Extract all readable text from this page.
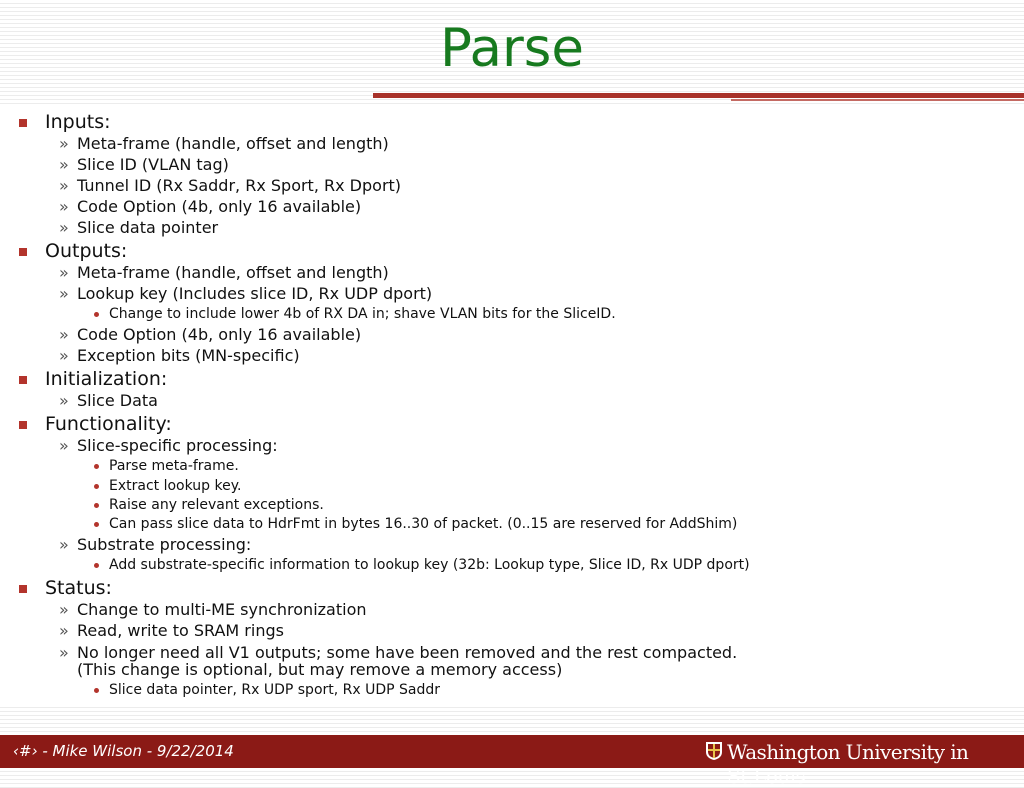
Parse
Inputs:
» Meta-frame (handle, offset and length)
» Slice ID (VLAN tag)
» Tunnel ID (Rx Saddr, Rx Sport, Rx Dport)
» Code Option (4b, only 16 available)
» Slice data pointer
Outputs:
» Meta-frame (handle, offset and length)
» Lookup key (Includes slice ID, Rx UDP dport)
Change to include lower 4b of RX DA in; shave VLAN bits for the SliceID.
» Code Option (4b, only 16 available)
» Exception bits (MN-specific)
Initialization:
» Slice Data
Functionality:
» Slice-specific processing:
Parse meta-frame.
Extract lookup key.
Raise any relevant exceptions.
Can pass slice data to HdrFmt in bytes 16..30 of packet. (0..15 are reserved for AddShim)
» Substrate processing:
Add substrate-specific information to lookup key (32b: Lookup type, Slice ID, Rx UDP dport)
Status:
» Change to multi-ME synchronization
» Read, write to SRAM rings
» No longer need all V1 outputs; some have been removed and the rest compacted.
(This change is optional, but may remove a memory access)
Slice data pointer, Rx UDP sport, Rx UDP Saddr
‹#› - Mike Wilson - 9/22/2014	Washington University in St.Louis
